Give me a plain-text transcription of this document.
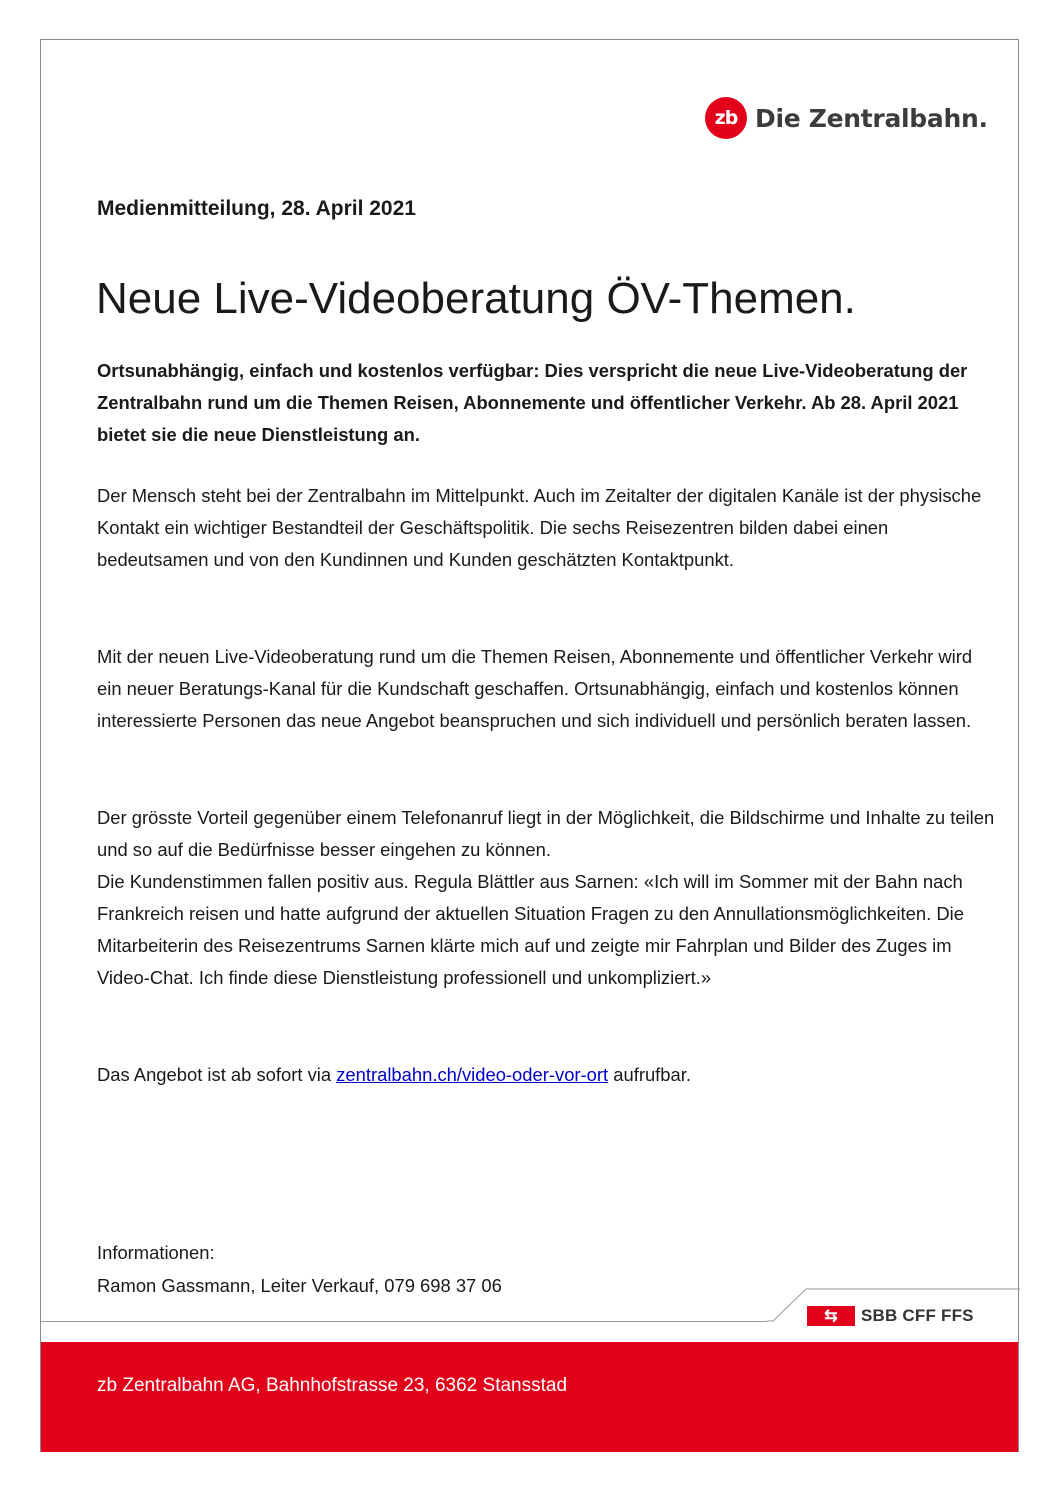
zb Die Zentralbahn.
Medienmitteilung, 28. April 2021
Neue Live-Videoberatung ÖV-Themen.

Ortsunabhängig, einfach und kostenlos verfügbar: Dies verspricht die neue Live-Videoberatung der Zentralbahn rund um die Themen Reisen, Abonnemente und öffentlicher Verkehr. Ab 28. April 2021 bietet sie die neue Dienstleistung an.

Der Mensch steht bei der Zentralbahn im Mittelpunkt. Auch im Zeitalter der digitalen Kanäle ist der physische Kontakt ein wichtiger Bestandteil der Geschäftspolitik. Die sechs Reisezentren bilden dabei einen bedeutsamen und von den Kundinnen und Kunden geschätzten Kontaktpunkt.

Mit der neuen Live-Videoberatung rund um die Themen Reisen, Abonnemente und öffentlicher Verkehr wird ein neuer Beratungs-Kanal für die Kundschaft geschaffen. Ortsunabhängig, einfach und kostenlos können interessierte Personen das neue Angebot beanspruchen und sich individuell und persönlich beraten lassen.

Der grösste Vorteil gegenüber einem Telefonanruf liegt in der Möglichkeit, die Bildschirme und Inhalte zu teilen und so auf die Bedürfnisse besser eingehen zu können.

Die Kundenstimmen fallen positiv aus. Regula Blättler aus Sarnen: «Ich will im Sommer mit der Bahn nach Frankreich reisen und hatte aufgrund der aktuellen Situation Fragen zu den Annullationsmöglichkeiten. Die Mitarbeiterin des Reisezentrums Sarnen klärte mich auf und zeigte mir Fahrplan und Bilder des Zuges im Video-Chat. Ich finde diese Dienstleistung professionell und unkompliziert.»

Das Angebot ist ab sofort via zentralbahn.ch/video-oder-vor-ort aufrufbar.

Informationen:
Ramon Gassmann, Leiter Verkauf, 079 698 37 06
⇆	SBB CFF FFS
zb Zentralbahn AG, Bahnhofstrasse 23, 6362 Stansstad
